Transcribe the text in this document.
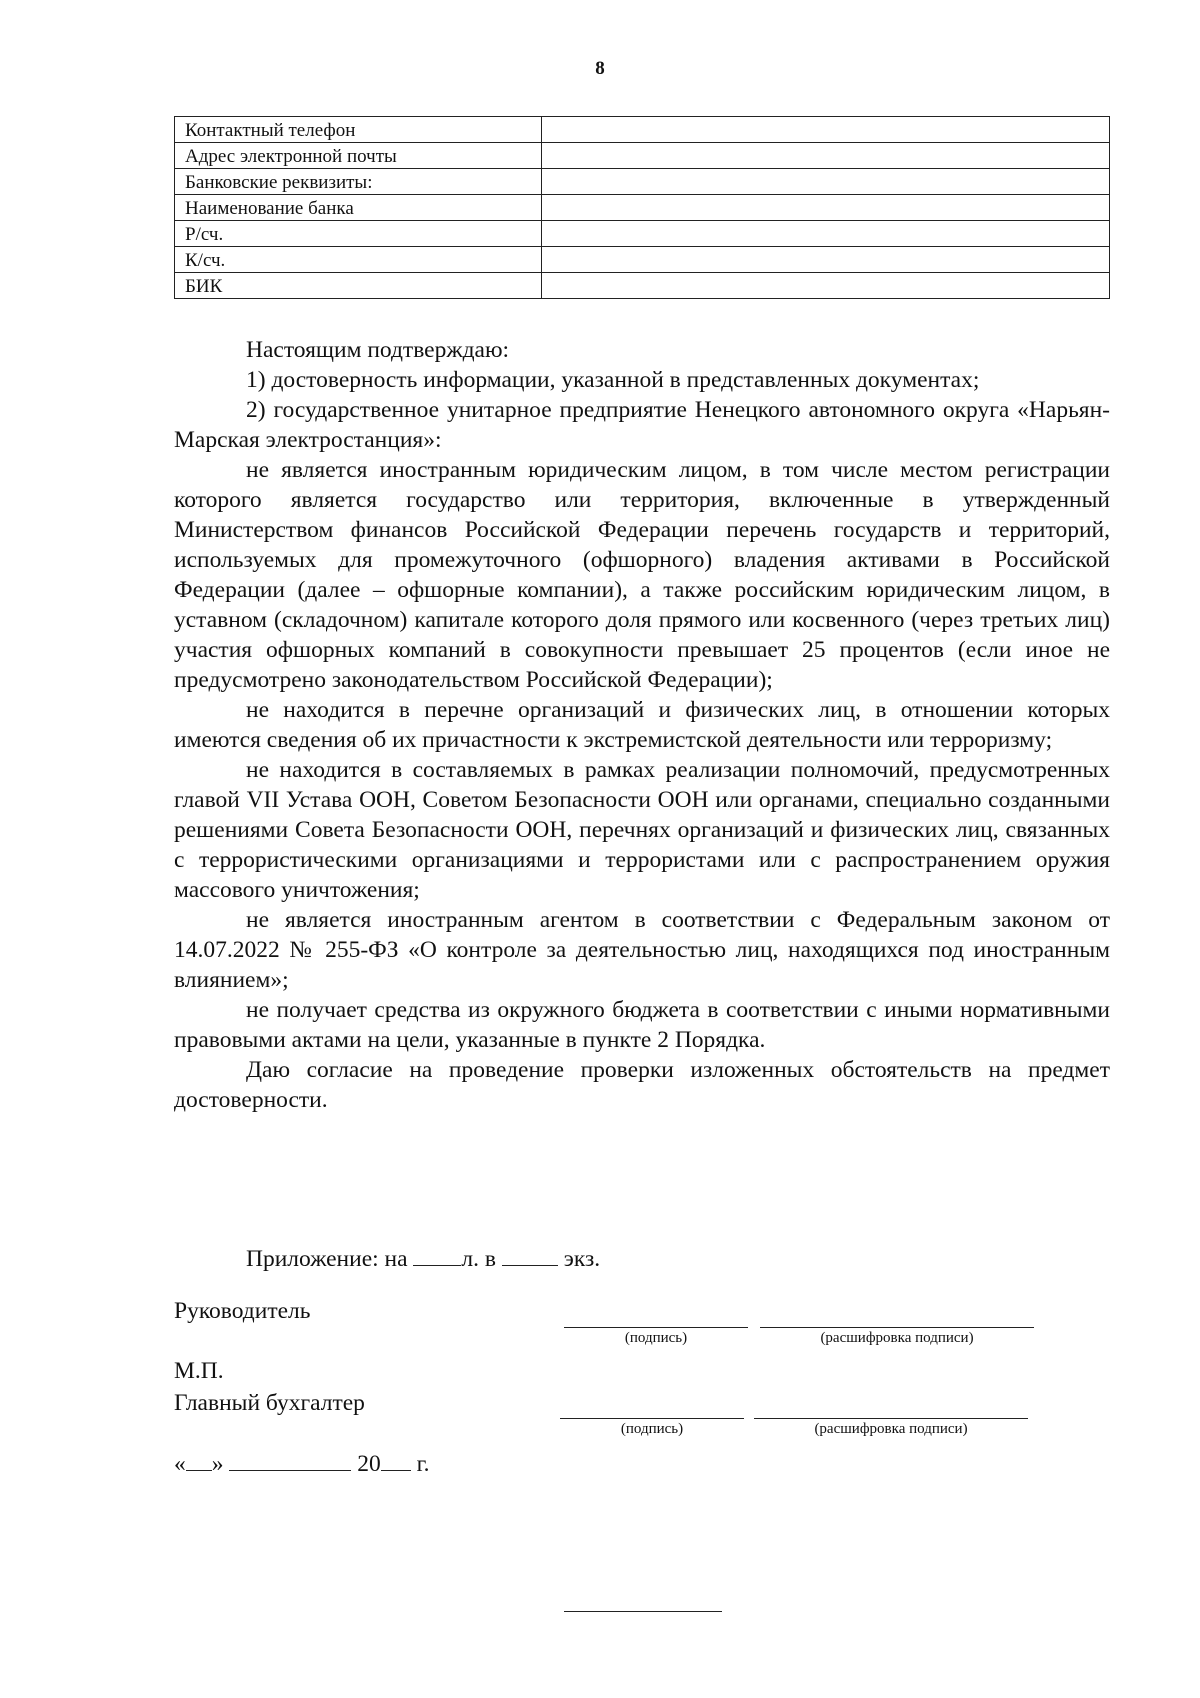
8
Контактный телефон	
Адрес электронной почты	
Банковские реквизиты:	
Наименование банка	
Р/сч.	
К/сч.	
БИК	

Настоящим подтверждаю:

1) достоверность информации, указанной в представленных документах;

2) государственное унитарное предприятие Ненецкого автономного округа «Нарьян-Марская электростанция»:

не является иностранным юридическим лицом, в том числе местом регистрации которого является государство или территория, включенные в утвержденный Министерством финансов Российской Федерации перечень государств и территорий, используемых для промежуточного (офшорного) владения активами в Российской Федерации (далее – офшорные компании), а также российским юридическим лицом, в уставном (складочном) капитале которого доля прямого или косвенного (через третьих лиц) участия офшорных компаний в совокупности превышает 25 процентов (если иное не предусмотрено законодательством Российской Федерации);

не находится в перечне организаций и физических лиц, в отношении которых имеются сведения об их причастности к экстремистской деятельности или терроризму;

не находится в составляемых в рамках реализации полномочий, предусмотренных главой VII Устава ООН, Советом Безопасности ООН или органами, специально созданными решениями Совета Безопасности ООН, перечнях организаций и физических лиц, связанных с террористическими организациями и террористами или с распространением оружия массового уничтожения;

не является иностранным агентом в соответствии с Федеральным законом от 14.07.2022 № 255-ФЗ «О контроле за деятельностью лиц, находящихся под иностранным влиянием»;

не получает средства из окружного бюджета в соответствии с иными нормативными правовыми актами на цели, указанные в пункте 2 Порядка.

Даю согласие на проведение проверки изложенных обстоятельств на предмет достоверности.

Приложение: на л. в	экз.
Руководитель
(подпись)	(расшифровка подписи)
М.П.
Главный бухгалтер
(подпись)	(расшифровка подписи)
« »	20 г.
